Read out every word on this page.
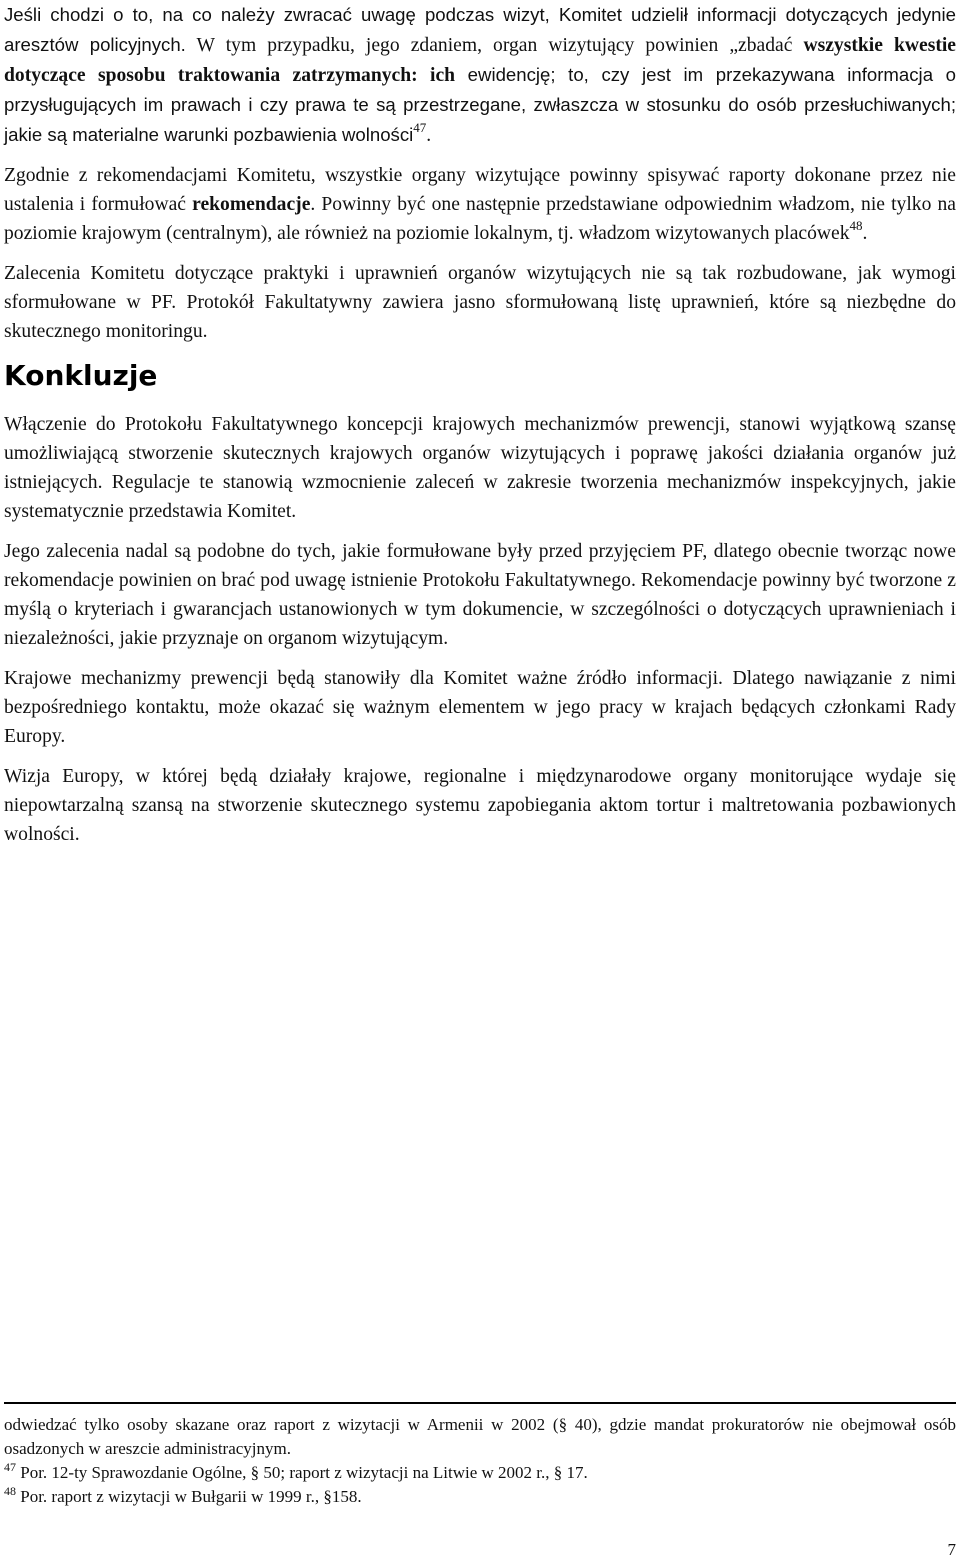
Jeśli chodzi o to, na co należy zwracać uwagę podczas wizyt, Komitet udzielił informacji dotyczących jedynie aresztów policyjnych. W tym przypadku, jego zdaniem, organ wizytujący powinien „zbadać wszystkie kwestie dotyczące sposobu traktowania zatrzymanych: ich ewidencję; to, czy jest im przekazywana informacja o przysługujących im prawach i czy prawa te są przestrzegane, zwłaszcza w stosunku do osób przesłuchiwanych; jakie są materialne warunki pozbawienia wolności$^{47}$.

Zgodnie z rekomendacjami Komitetu, wszystkie organy wizytujące powinny spisywać raporty dokonane przez nie ustalenia i formułować rekomendacje. Powinny być one następnie przedstawiane odpowiednim władzom, nie tylko na poziomie krajowym (centralnym), ale również na poziomie lokalnym, tj. władzom wizytowanych placówek$^{48}$.

Zalecenia Komitetu dotyczące praktyki i uprawnień organów wizytujących nie są tak rozbudowane, jak wymogi sformułowane w PF. Protokół Fakultatywny zawiera jasno sformułowaną listę uprawnień, które są niezbędne do skutecznego monitoringu.

Konkluzje

Włączenie do Protokołu Fakultatywnego koncepcji krajowych mechanizmów prewencji, stanowi wyjątkową szansę umożliwiającą stworzenie skutecznych krajowych organów wizytujących i poprawę jakości działania organów już istniejących. Regulacje te stanowią wzmocnienie zaleceń w zakresie tworzenia mechanizmów inspekcyjnych, jakie systematycznie przedstawia Komitet.

Jego zalecenia nadal są podobne do tych, jakie formułowane były przed przyjęciem PF, dlatego obecnie tworząc nowe rekomendacje powinien on brać pod uwagę istnienie Protokołu Fakultatywnego. Rekomendacje powinny być tworzone z myślą o kryteriach i gwarancjach ustanowionych w tym dokumencie, w szczególności o dotyczących uprawnieniach i niezależności, jakie przyznaje on organom wizytującym.

Krajowe mechanizmy prewencji będą stanowiły dla Komitet ważne źródło informacji. Dlatego nawiązanie z nimi bezpośredniego kontaktu, może okazać się ważnym elementem w jego pracy w krajach będących członkami Rady Europy.

Wizja Europy, w której będą działały krajowe, regionalne i międzynarodowe organy monitorujące wydaje się niepowtarzalną szansą na stworzenie skutecznego systemu zapobiegania aktom tortur i maltretowania pozbawionych wolności.

odwiedzać tylko osoby skazane oraz raport z wizytacji w Armenii w 2002 (§ 40), gdzie mandat prokuratorów nie obejmował osób osadzonych w areszcie administracyjnym.

$^{47}$ Por. 12-ty Sprawozdanie Ogólne, § 50; raport z wizytacji na Litwie w 2002 r., § 17.

$^{48}$ Por. raport z wizytacji w Bułgarii w 1999 r., §158.

7
